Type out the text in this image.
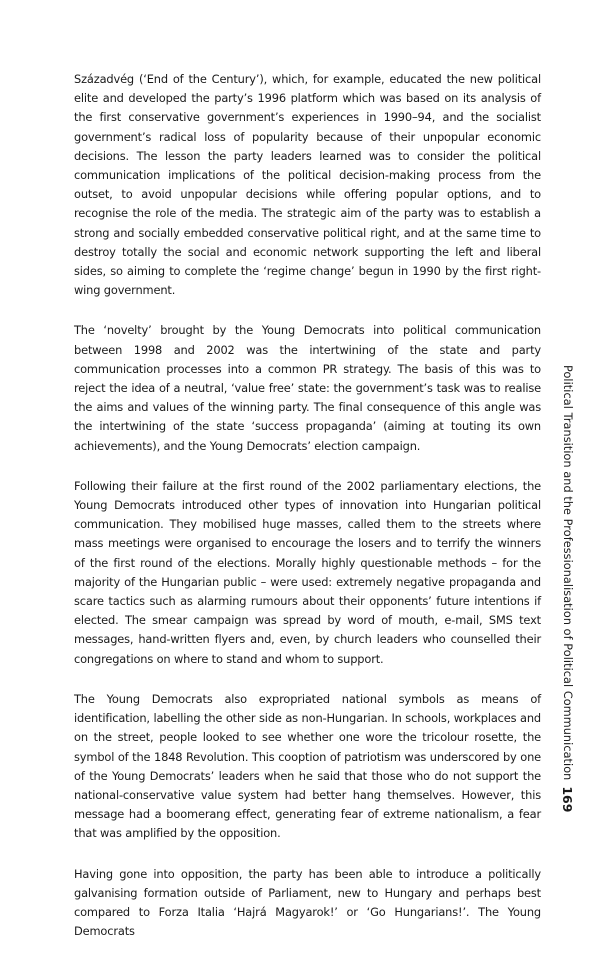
Századvég (‘End of the Century’), which, for example, educated the new political elite and developed the party’s 1996 platform which was based on its analysis of the first conservative government’s experiences in 1990–94, and the socialist government’s radical loss of popularity because of their unpopular economic decisions. The lesson the party leaders learned was to consider the political communication implications of the political decision-making process from the outset, to avoid unpopular decisions while offering popular options, and to recognise the role of the media. The strategic aim of the party was to establish a strong and socially embedded conservative political right, and at the same time to destroy totally the social and economic network supporting the left and liberal sides, so aiming to complete the ‘regime change’ begun in 1990 by the first right-wing government.

The ‘novelty’ brought by the Young Democrats into political communication between 1998 and 2002 was the intertwining of the state and party communication processes into a common PR strategy. The basis of this was to reject the idea of a neutral, ‘value free’ state: the government’s task was to realise the aims and values of the winning party. The final consequence of this angle was the intertwining of the state ‘success propaganda’ (aiming at touting its own achievements), and the Young Democrats’ election campaign.

Following their failure at the first round of the 2002 parliamentary elections, the Young Democrats introduced other types of innovation into Hungarian political communication. They mobilised huge masses, called them to the streets where mass meetings were organised to encourage the losers and to terrify the winners of the first round of the elections. Morally highly questionable methods – for the majority of the Hungarian public – were used: extremely negative propaganda and scare tactics such as alarming rumours about their opponents’ future intentions if elected. The smear campaign was spread by word of mouth, e-mail, SMS text messages, hand-written flyers and, even, by church leaders who counselled their congregations on where to stand and whom to support.

The Young Democrats also expropriated national symbols as means of identification, labelling the other side as non-Hungarian. In schools, workplaces and on the street, people looked to see whether one wore the tricolour rosette, the symbol of the 1848 Revolution. This cooption of patriotism was underscored by one of the Young Democrats’ leaders when he said that those who do not support the national-conservative value system had better hang themselves. However, this message had a boomerang effect, generating fear of extreme nationalism, a fear that was amplified by the opposition.

Having gone into opposition, the party has been able to introduce a politically galvanising formation outside of Parliament, new to Hungary and perhaps best compared to Forza Italia ‘Hajrá Magyarok!’ or ‘Go Hungarians!’. The Young Democrats

Political Transition and the Professionalisation of Political Communication
169
